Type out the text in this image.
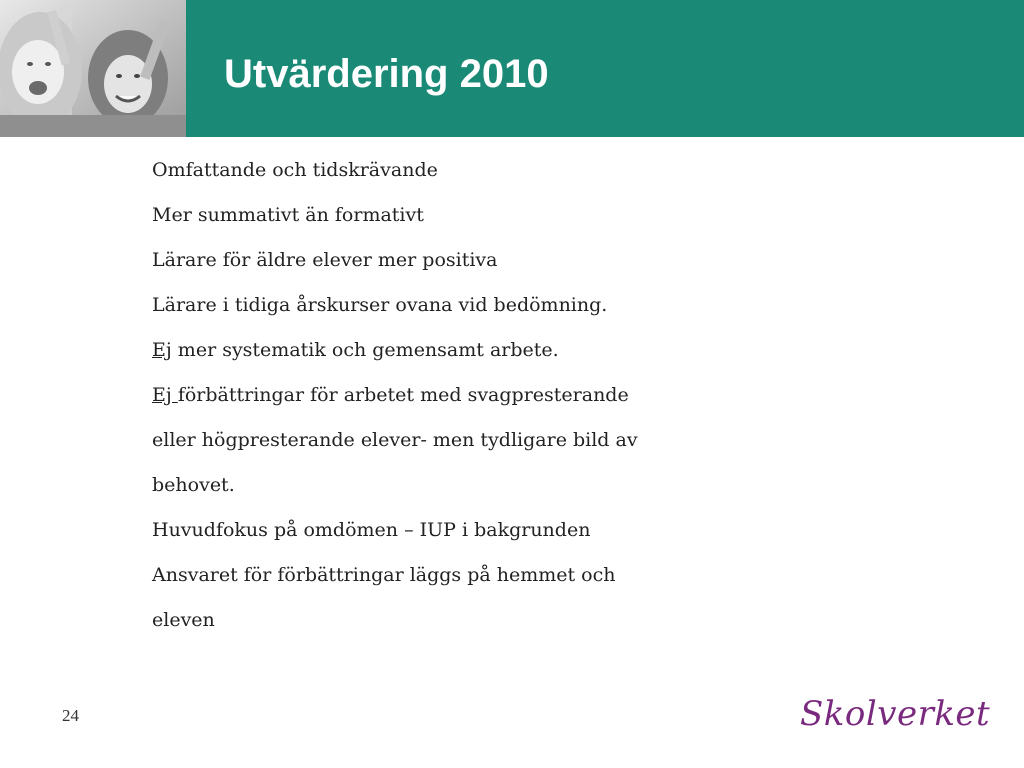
Utvärdering 2010
Omfattande och tidskrävande
Mer summativt än formativt
Lärare för äldre elever mer positiva
Lärare i tidiga årskurser ovana vid bedömning.
Ej mer systematik och gemensamt arbete.
Ej förbättringar för arbetet med svagpresterande
eller högpresterande elever- men tydligare bild av
behovet.
Huvudfokus på omdömen – IUP i bakgrunden
Ansvaret för förbättringar läggs på hemmet och
eleven
24	Skolverket
